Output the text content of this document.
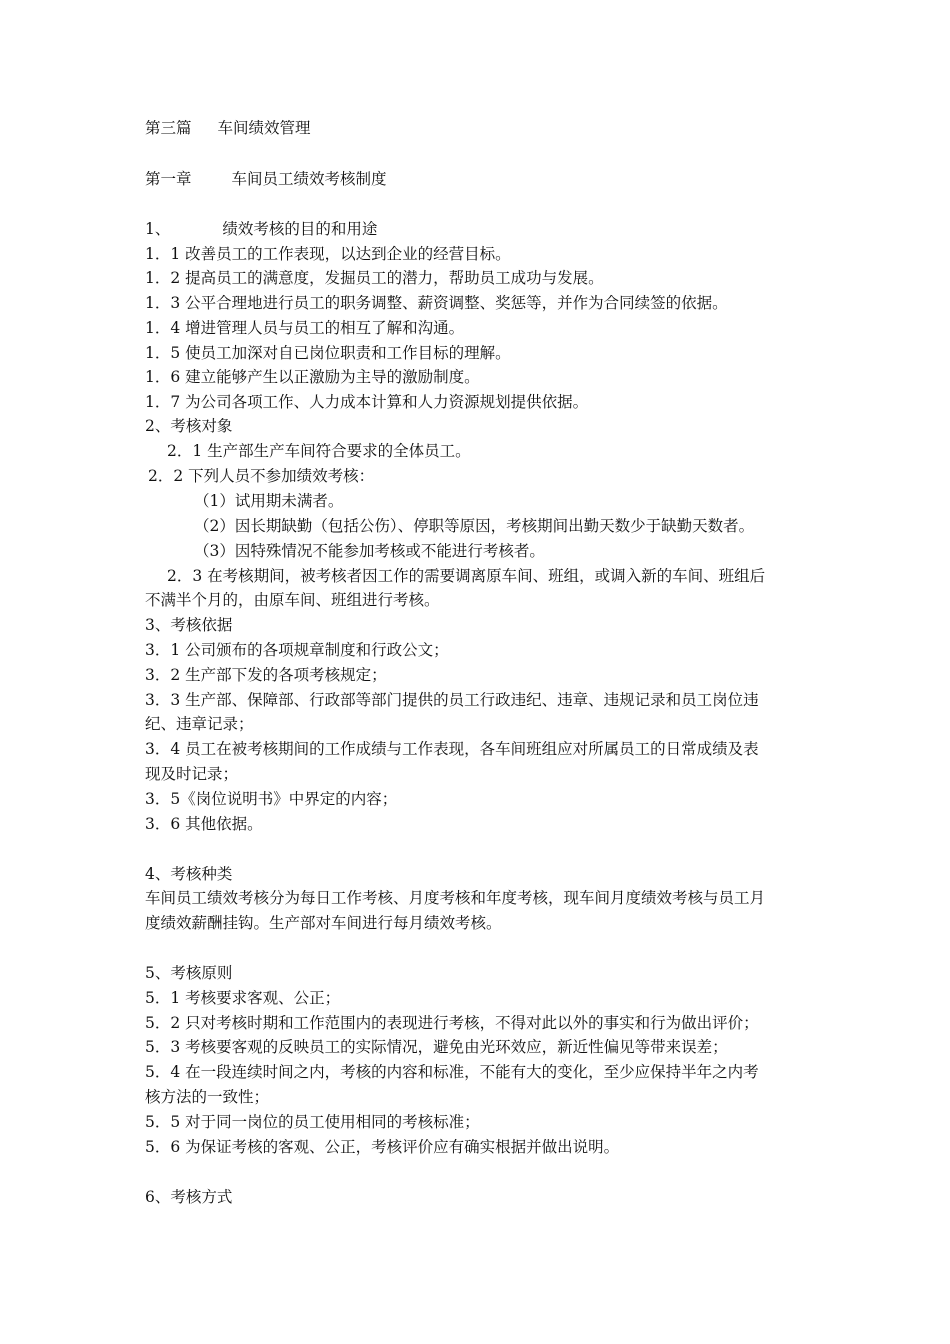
第三篇 车间绩效管理
第一章	车间员工绩效考核制度
1、	绩效考核的目的和用途
1．1 改善员工的工作表现，以达到企业的经营目标。
1．2 提高员工的满意度，发掘员工的潜力，帮助员工成功与发展。
1．3 公平合理地进行员工的职务调整、薪资调整、奖惩等，并作为合同续签的依据。
1．4 增进管理人员与员工的相互了解和沟通。
1．5 使员工加深对自已岗位职责和工作目标的理解。
1．6 建立能够产生以正激励为主导的激励制度。
1．7 为公司各项工作、人力成本计算和人力资源规划提供依据。
2、考核对象
2．1 生产部生产车间符合要求的全体员工。
2．2 下列人员不参加绩效考核：
（1）试用期未满者。
（2）因长期缺勤（包括公伤）、停职等原因，考核期间出勤天数少于缺勤天数者。
（3）因特殊情况不能参加考核或不能进行考核者。
2．3 在考核期间，被考核者因工作的需要调离原车间、班组，或调入新的车间、班组后
不满半个月的，由原车间、班组进行考核。
3、考核依据
3．1 公司颁布的各项规章制度和行政公文；
3．2 生产部下发的各项考核规定；
3．3 生产部、保障部、行政部等部门提供的员工行政违纪、违章、违规记录和员工岗位违
纪、违章记录；
3．4 员工在被考核期间的工作成绩与工作表现，各车间班组应对所属员工的日常成绩及表
现及时记录；
3．5《岗位说明书》中界定的内容；
3．6 其他依据。
4、考核种类
车间员工绩效考核分为每日工作考核、月度考核和年度考核，现车间月度绩效考核与员工月
度绩效薪酬挂钩。生产部对车间进行每月绩效考核。
5、考核原则
5．1 考核要求客观、公正；
5．2 只对考核时期和工作范围内的表现进行考核，不得对此以外的事实和行为做出评价；
5．3 考核要客观的反映员工的实际情况，避免由光环效应，新近性偏见等带来误差；
5．4 在一段连续时间之内，考核的内容和标准，不能有大的变化，至少应保持半年之内考
核方法的一致性；
5．5 对于同一岗位的员工使用相同的考核标准；
5．6 为保证考核的客观、公正，考核评价应有确实根据并做出说明。
6、考核方式
